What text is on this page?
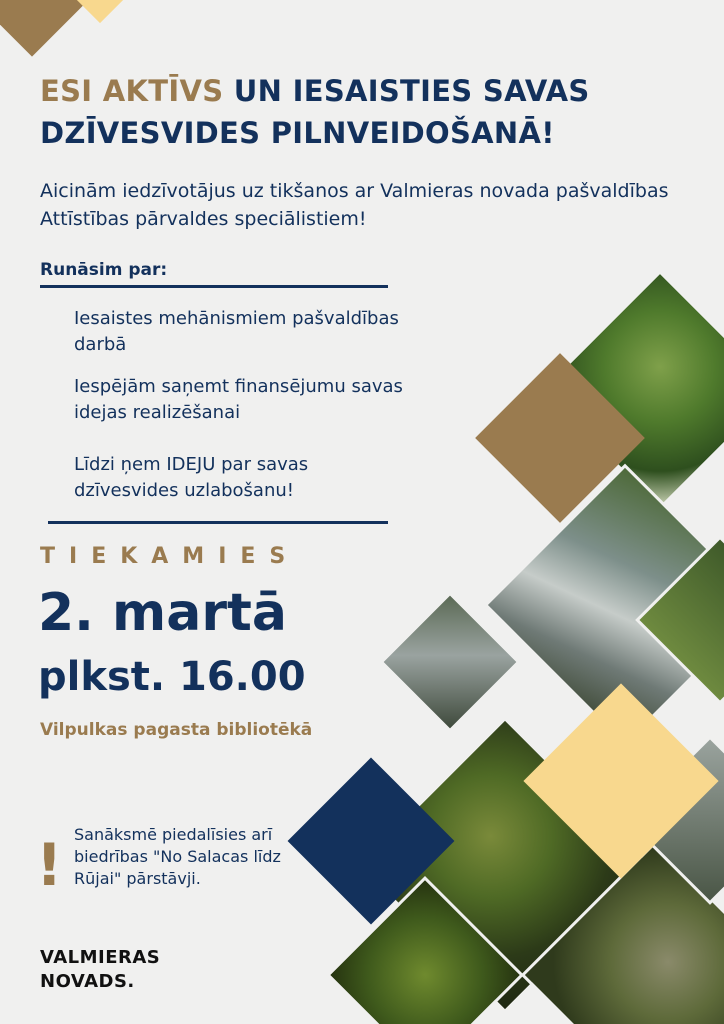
ESI AKTĪVS UN IESAISTIES SAVAS DZĪVESVIDES PILNVEIDOŠANĀ!
Aicinām iedzīvotājus uz tikšanos ar Valmieras novada pašvaldības Attīstības pārvaldes speciālistiem!
Runāsim par:
Iesaistes mehānismiem pašvaldības darbā
Iespējām saņemt finansējumu savas idejas realizēšanai
Līdzi ņem IDEJU par savas dzīvesvides uzlabošanu!
TIEKAMIES
2. martā
plkst. 16.00
Vilpulkas pagasta bibliotēkā
! Sanāksmē piedalīsies arī biedrības "No Salacas līdz Rūjai" pārstāvji.
VALMIERAS
NOVADS.
